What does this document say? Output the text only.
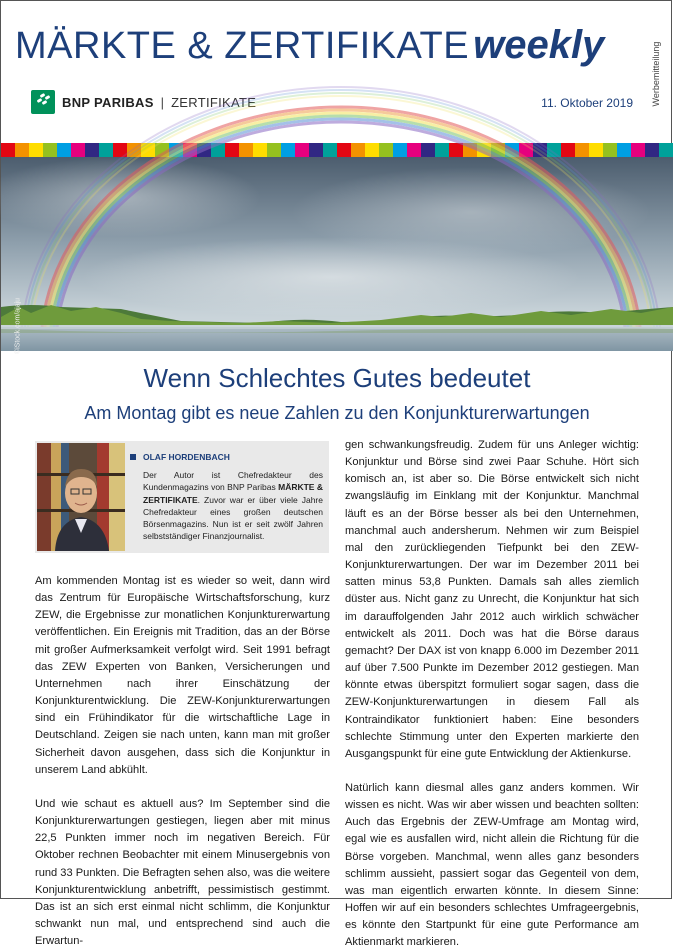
MÄRKTE & ZERTIFIKATE weekly	Werbemitteilung
BNP PARIBAS | ZERTIFIKATE	11. Oktober 2019
©iStock.com/ajaju
Wenn Schlechtes Gutes bedeutet
Am Montag gibt es neue Zahlen zu den Konjunkturerwartungen
OLAF HORDENBACH
Der Autor ist Chefredakteur des Kundenmagazins von BNP Paribas MÄRKTE & ZERTIFIKATE. Zuvor war er über viele Jahre Chefredakteur eines großen deutschen Börsenmagazins. Nun ist er seit zwölf Jahren selbstständiger Finanzjournalist.

Am kommenden Montag ist es wieder so weit, dann wird das Zentrum für Europäische Wirtschaftsforschung, kurz ZEW, die Ergebnisse zur monatlichen Konjunkturerwartung veröffentlichen. Ein Ereignis mit Tradition, das an der Börse mit großer Aufmerksamkeit verfolgt wird. Seit 1991 befragt das ZEW Experten von Banken, Versicherungen und Unternehmen nach ihrer Einschätzung der Konjunkturentwicklung. Die ZEW-Konjunkturerwartungen sind ein Frühindikator für die wirtschaftliche Lage in Deutschland. Zeigen sie nach unten, kann man mit großer Sicherheit davon ausgehen, dass sich die Konjunktur in unserem Land abkühlt.

Und wie schaut es aktuell aus? Im September sind die Konjunkturerwartungen gestiegen, liegen aber mit minus 22,5 Punkten immer noch im negativen Bereich. Für Oktober rechnen Beobachter mit einem Minusergebnis von rund 33 Punkten. Die Befragten sehen also, was die weitere Konjunkturentwicklung anbetrifft, pessimistisch gestimmt. Das ist an sich erst einmal nicht schlimm, die Konjunktur schwankt nun mal, und entsprechend sind auch die Erwartun-

gen schwankungsfreudig. Zudem für uns Anleger wichtig: Konjunktur und Börse sind zwei Paar Schuhe. Hört sich komisch an, ist aber so. Die Börse entwickelt sich nicht zwangsläufig im Einklang mit der Konjunktur. Manchmal läuft es an der Börse besser als bei den Unternehmen, manchmal auch andersherum. Nehmen wir zum Beispiel mal den zurückliegenden Tiefpunkt bei den ZEW-Konjunkturerwartungen. Der war im Dezember 2011 bei satten minus 53,8 Punkten. Damals sah alles ziemlich düster aus. Nicht ganz zu Unrecht, die Konjunktur hat sich im darauffolgenden Jahr 2012 auch wirklich schwächer entwickelt als 2011. Doch was hat die Börse daraus gemacht? Der DAX ist von knapp 6.000 im Dezember 2011 auf über 7.500 Punkte im Dezember 2012 gestiegen. Man könnte etwas überspitzt formuliert sogar sagen, dass die ZEW-Konjunkturerwartungen in diesem Fall als Kontraindikator funktioniert haben: Eine besonders schlechte Stimmung unter den Experten markierte den Ausgangspunkt für eine gute Entwicklung der Aktienkurse.

Natürlich kann diesmal alles ganz anders kommen. Wir wissen es nicht. Was wir aber wissen und beachten sollten: Auch das Ergebnis der ZEW-Umfrage am Montag wird, egal wie es ausfallen wird, nicht allein die Richtung für die Börse vorgeben. Manchmal, wenn alles ganz besonders schlimm aussieht, passiert sogar das Gegenteil von dem, was man eigentlich erwarten könnte. In diesem Sinne: Hoffen wir auf ein besonders schlechtes Umfrageergebnis, es könnte den Startpunkt für eine gute Performance am Aktienmarkt markieren.
